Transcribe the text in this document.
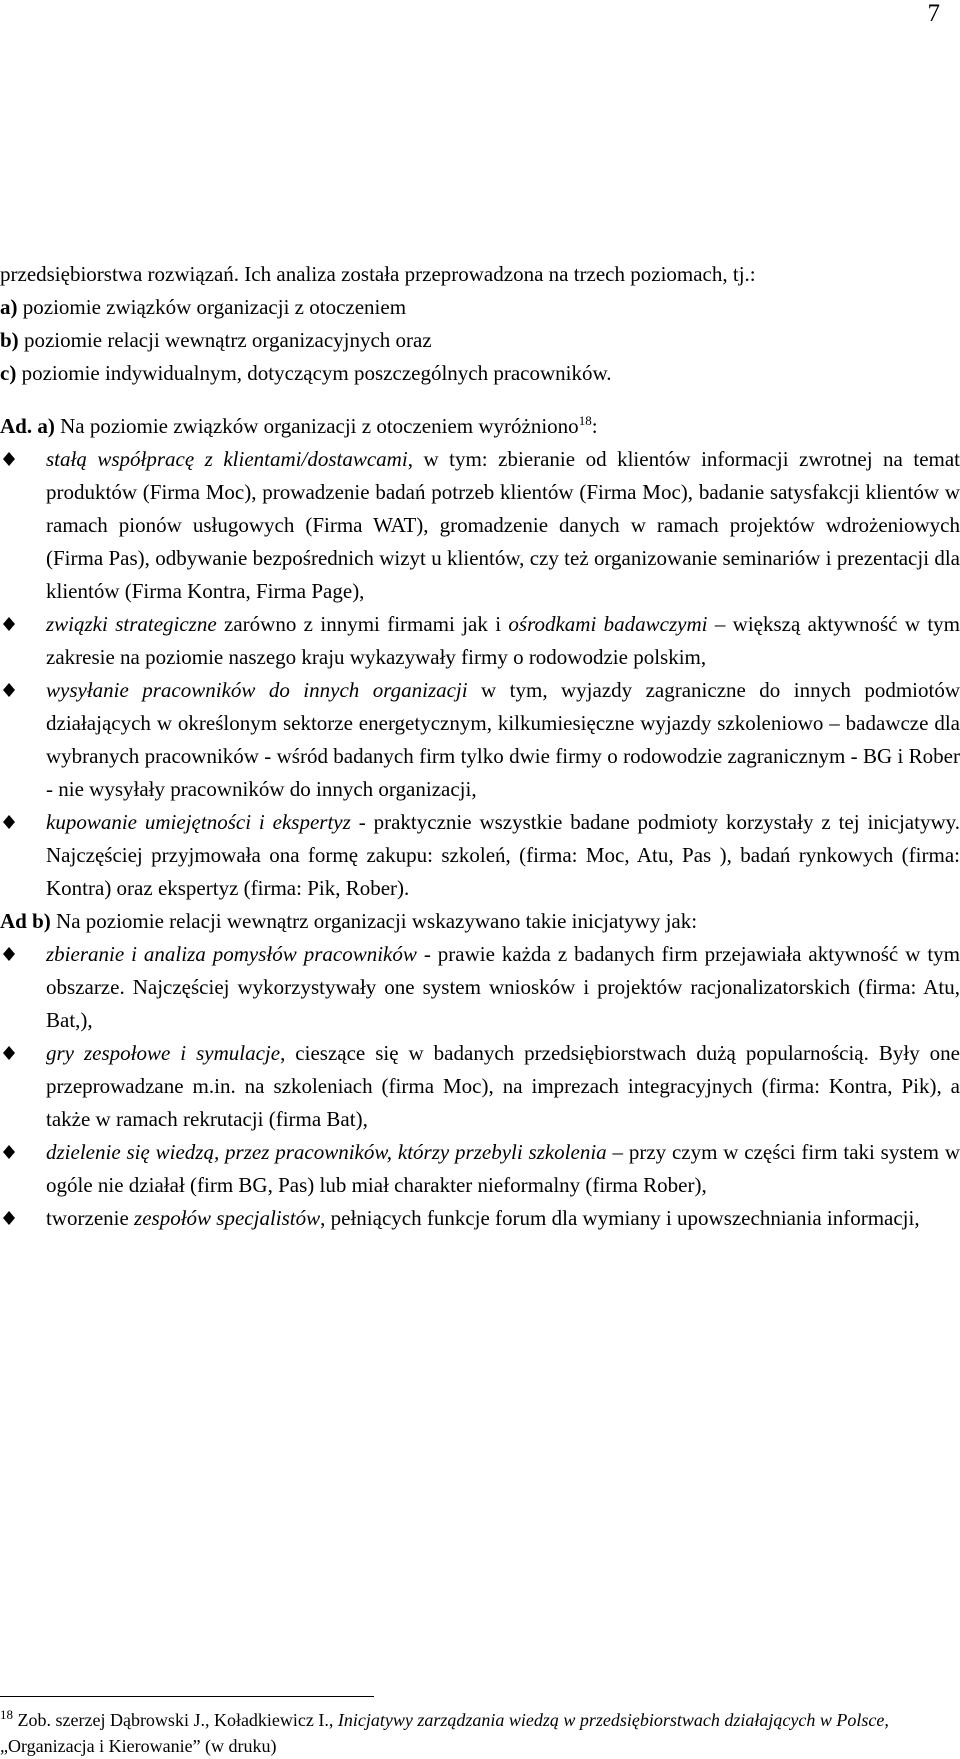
7

przedsiębiorstwa rozwiązań. Ich analiza została przeprowadzona na trzech poziomach, tj.:

a) poziomie związków organizacji z otoczeniem

b) poziomie relacji wewnątrz organizacyjnych oraz

c) poziomie indywidualnym, dotyczącym poszczególnych pracowników.

Ad. a) Na poziomie związków organizacji z otoczeniem wyróżniono$^{18}$:

stałą współpracę z klientami/dostawcami, w tym: zbieranie od klientów informacji zwrotnej na temat produktów (Firma Moc), prowadzenie badań potrzeb klientów (Firma Moc), badanie satysfakcji klientów w ramach pionów usługowych (Firma WAT), gromadzenie danych w ramach projektów wdrożeniowych (Firma Pas), odbywanie bezpośrednich wizyt u klientów, czy też organizowanie seminariów i prezentacji dla klientów (Firma Kontra, Firma Page),

związki strategiczne zarówno z innymi firmami jak i ośrodkami badawczymi – większą aktywność w tym zakresie na poziomie naszego kraju wykazywały firmy o rodowodzie polskim,

wysyłanie pracowników do innych organizacji w tym, wyjazdy zagraniczne do innych podmiotów działających w określonym sektorze energetycznym, kilkumiesięczne wyjazdy szkoleniowo – badawcze dla wybranych pracowników - wśród badanych firm tylko dwie firmy o rodowodzie zagranicznym - BG i Rober - nie wysyłały pracowników do innych organizacji,

kupowanie umiejętności i ekspertyz - praktycznie wszystkie badane podmioty korzystały z tej inicjatywy. Najczęściej przyjmowała ona formę zakupu: szkoleń, (firma: Moc, Atu, Pas ), badań rynkowych (firma: Kontra) oraz ekspertyz (firma: Pik, Rober).

Ad b) Na poziomie relacji wewnątrz organizacji wskazywano takie inicjatywy jak:

zbieranie i analiza pomysłów pracowników - prawie każda z badanych firm przejawiała aktywność w tym obszarze. Najczęściej wykorzystywały one system wniosków i projektów racjonalizatorskich (firma: Atu, Bat,),

gry zespołowe i symulacje, cieszące się w badanych przedsiębiorstwach dużą popularnością. Były one przeprowadzane m.in. na szkoleniach (firma Moc), na imprezach integracyjnych (firma: Kontra, Pik), a także w ramach rekrutacji (firma Bat),

dzielenie się wiedzą, przez pracowników, którzy przebyli szkolenia – przy czym w części firm taki system w ogóle nie działał (firm BG, Pas) lub miał charakter nieformalny (firma Rober),

tworzenie zespołów specjalistów, pełniących funkcje forum dla wymiany i upowszechniania informacji,

$^{18}$ Zob. szerzej Dąbrowski J., Koładkiewicz I., Inicjatywy zarządzania wiedzą w przedsiębiorstwach działających w Polsce, „Organizacja i Kierowanie” (w druku)
